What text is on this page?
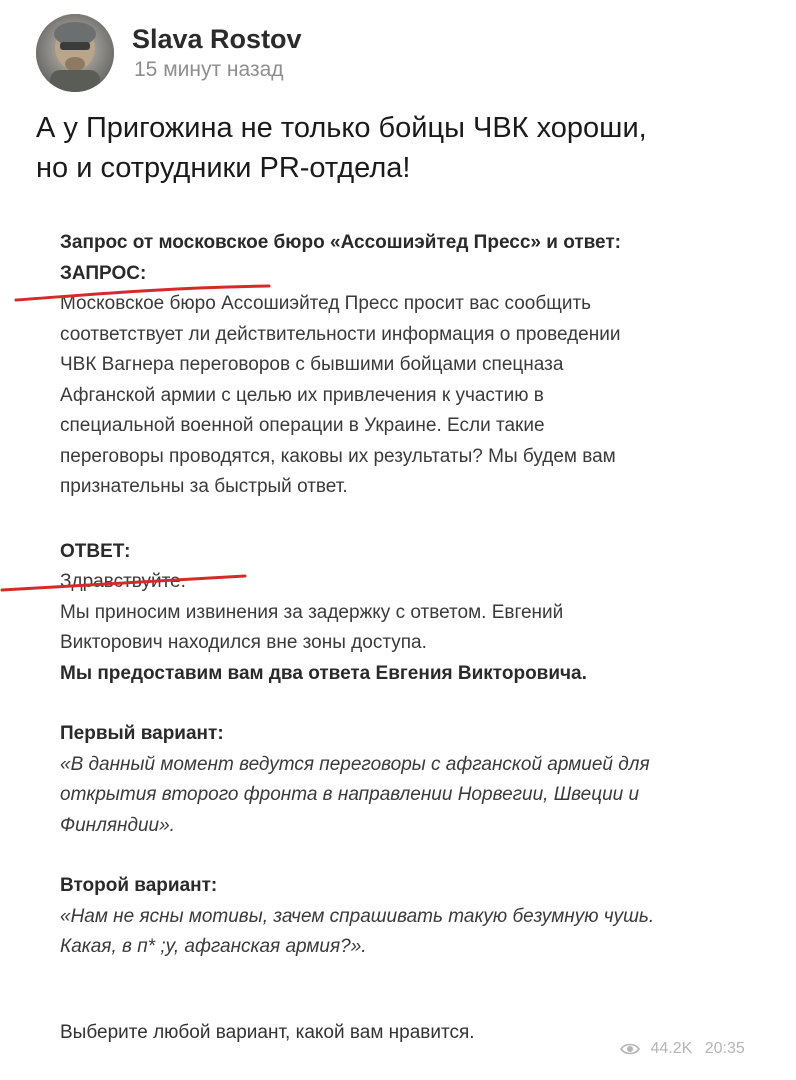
Slava Rostov
15 минут назад
А у Пригожина не только бойцы ЧВК хороши,
но и сотрудники PR-отдела!

Запрос от московское бюро «Ассошиэйтед Пресс» и ответ:

ЗАПРОС:

Московское бюро Ассошиэйтед Пресс просит вас сообщить

соответствует ли действительности информация о проведении

ЧВК Вагнера переговоров с бывшими бойцами спецназа

Афганской армии с целью их привлечения к участию в

специальной военной операции в Украине. Если такие

переговоры проводятся, каковы их результаты? Мы будем вам

признательны за быстрый ответ.

ОТВЕТ:

Здравствуйте.

Мы приносим извинения за задержку с ответом. Евгений

Викторович находился вне зоны доступа.

Мы предоставим вам два ответа Евгения Викторовича.

Первый вариант:

«В данный момент ведутся переговоры с афганской армией для

открытия второго фронта в направлении Норвегии, Швеции и

Финляндии».

Второй вариант:

«Нам не ясны мотивы, зачем спрашивать такую безумную чушь.

Какая, в п* ;у, афганская армия?».

Выберите любой вариант, какой вам нравится.
44.2K 20:35
